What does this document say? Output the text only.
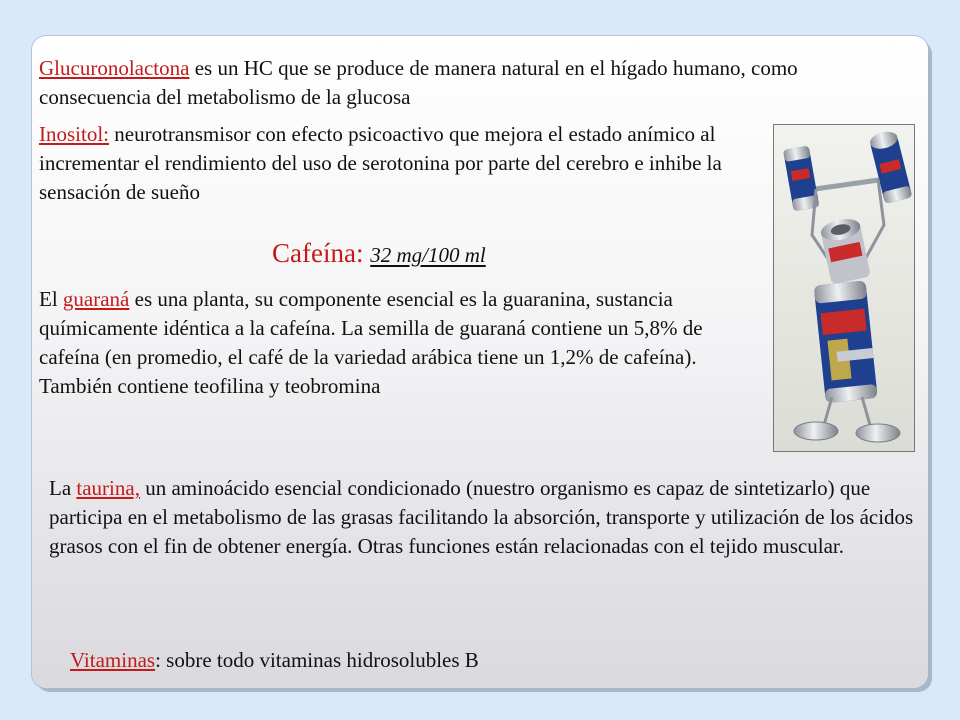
Glucuronolactona es un HC que se produce de manera natural en el hígado humano, como consecuencia del metabolismo de la glucosa

Inositol: neurotransmisor con efecto psicoactivo que mejora el estado anímico al incrementar el rendimiento del uso de serotonina por parte del cerebro e inhibe la sensación de sueño

Cafeína: 32 mg/100 ml

El guaraná es una planta, su componente esencial es la guaranina, sustancia químicamente idéntica a la cafeína. La semilla de guaraná contiene un 5,8% de cafeína (en promedio, el café de la variedad arábica tiene un 1,2% de cafeína). También contiene teofilina y teobromina

La taurina, un aminoácido esencial condicionado (nuestro organismo es capaz de sintetizarlo) que participa en el metabolismo de las grasas facilitando la absorción, transporte y utilización de los ácidos grasos con el fin de obtener energía. Otras funciones están relacionadas con el tejido muscular.

Vitaminas: sobre todo vitaminas hidrosolubles B
